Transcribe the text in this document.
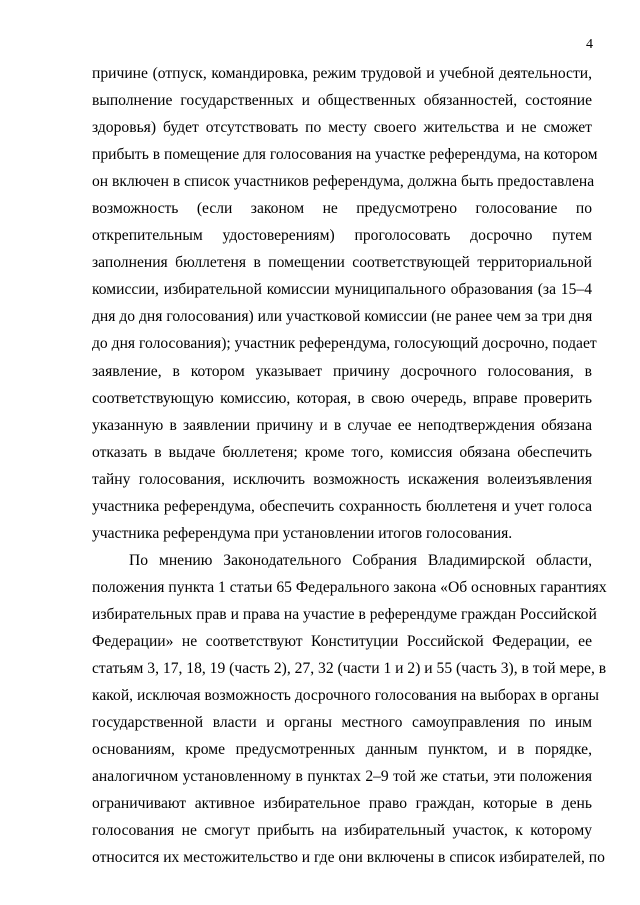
4

причине (отпуск, командировка, режим трудовой и учебной деятельности,
выполнение государственных и общественных обязанностей, состояние
здоровья) будет отсутствовать по месту своего жительства и не сможет
прибыть в помещение для голосования на участке референдума, на котором
он включен в список участников референдума, должна быть предоставлена
возможность (если законом не предусмотрено голосование по
открепительным удостоверениям) проголосовать досрочно путем
заполнения бюллетеня в помещении соответствующей территориальной
комиссии, избирательной комиссии муниципального образования (за 15–4
дня до дня голосования) или участковой комиссии (не ранее чем за три дня
до дня голосования); участник референдума, голосующий досрочно, подает
заявление, в котором указывает причину досрочного голосования, в
соответствующую комиссию, которая, в свою очередь, вправе проверить
указанную в заявлении причину и в случае ее неподтверждения обязана
отказать в выдаче бюллетеня; кроме того, комиссия обязана обеспечить
тайну голосования, исключить возможность искажения волеизъявления
участника референдума, обеспечить сохранность бюллетеня и учет голоса
участника референдума при установлении итогов голосования.

По мнению Законодательного Собрания Владимирской области,
положения пункта 1 статьи 65 Федерального закона «Об основных гарантиях
избирательных прав и права на участие в референдуме граждан Российской
Федерации» не соответствуют Конституции Российской Федерации, ее
статьям 3, 17, 18, 19 (часть 2), 27, 32 (части 1 и 2) и 55 (часть 3), в той мере, в
какой, исключая возможность досрочного голосования на выборах в органы
государственной власти и органы местного самоуправления по иным
основаниям, кроме предусмотренных данным пунктом, и в порядке,
аналогичном установленному в пунктах 2–9 той же статьи, эти положения
ограничивают активное избирательное право граждан, которые в день
голосования не смогут прибыть на избирательный участок, к которому
относится их местожительство и где они включены в список избирателей, по
